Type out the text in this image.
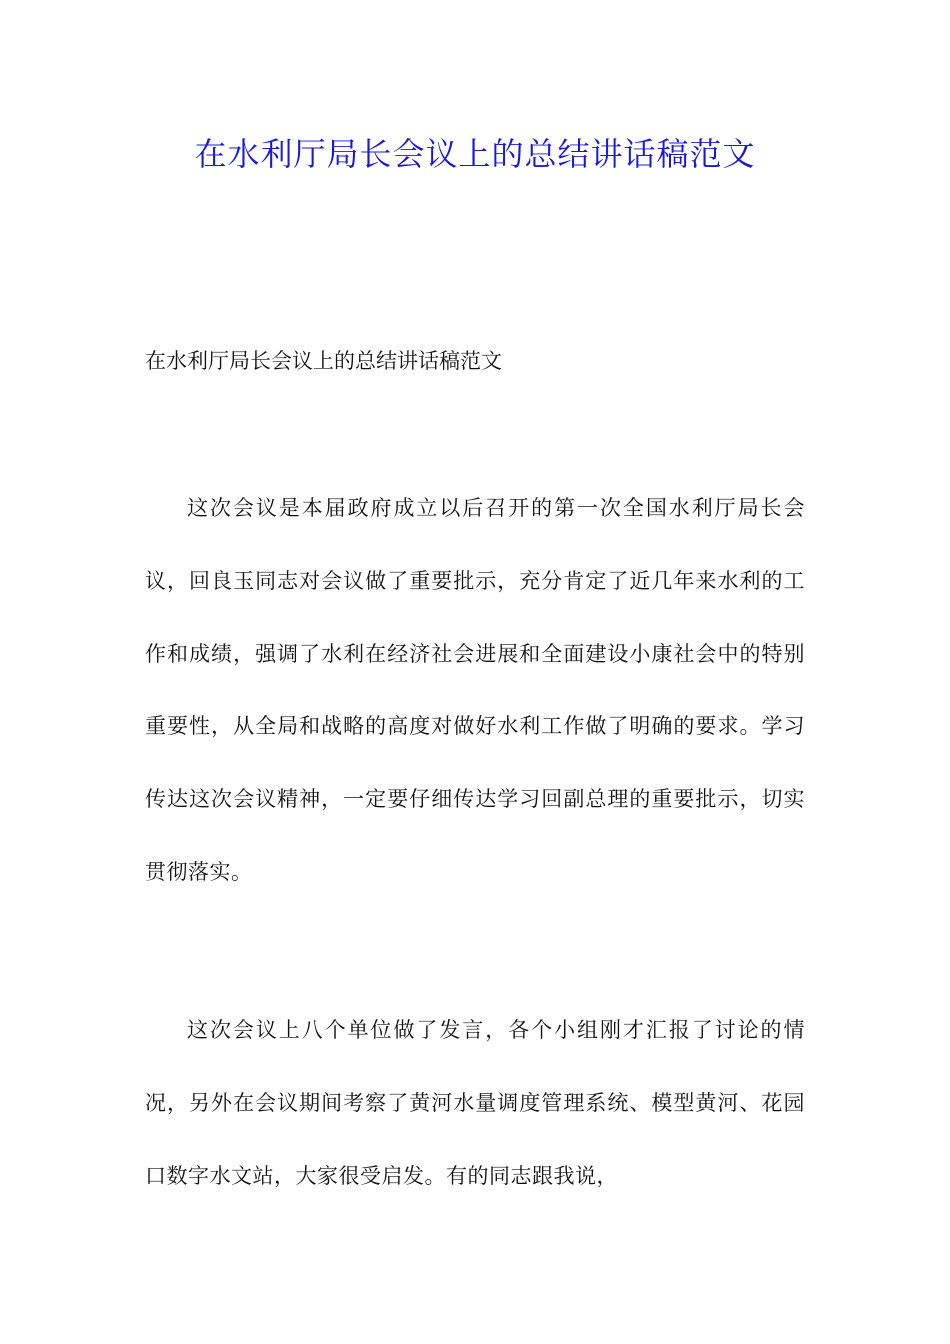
在水利厅局长会议上的总结讲话稿范文

在水利厅局长会议上的总结讲话稿范文

这次会议是本届政府成立以后召开的第一次全国水利厅局长会议，回良玉同志对会议做了重要批示，充分肯定了近几年来水利的工作和成绩，强调了水利在经济社会进展和全面建设小康社会中的特别重要性，从全局和战略的高度对做好水利工作做了明确的要求。学习传达这次会议精神，一定要仔细传达学习回副总理的重要批示，切实贯彻落实。

这次会议上八个单位做了发言，各个小组刚才汇报了讨论的情况，另外在会议期间考察了黄河水量调度管理系统、模型黄河、花园口数字水文站，大家很受启发。有的同志跟我说，
